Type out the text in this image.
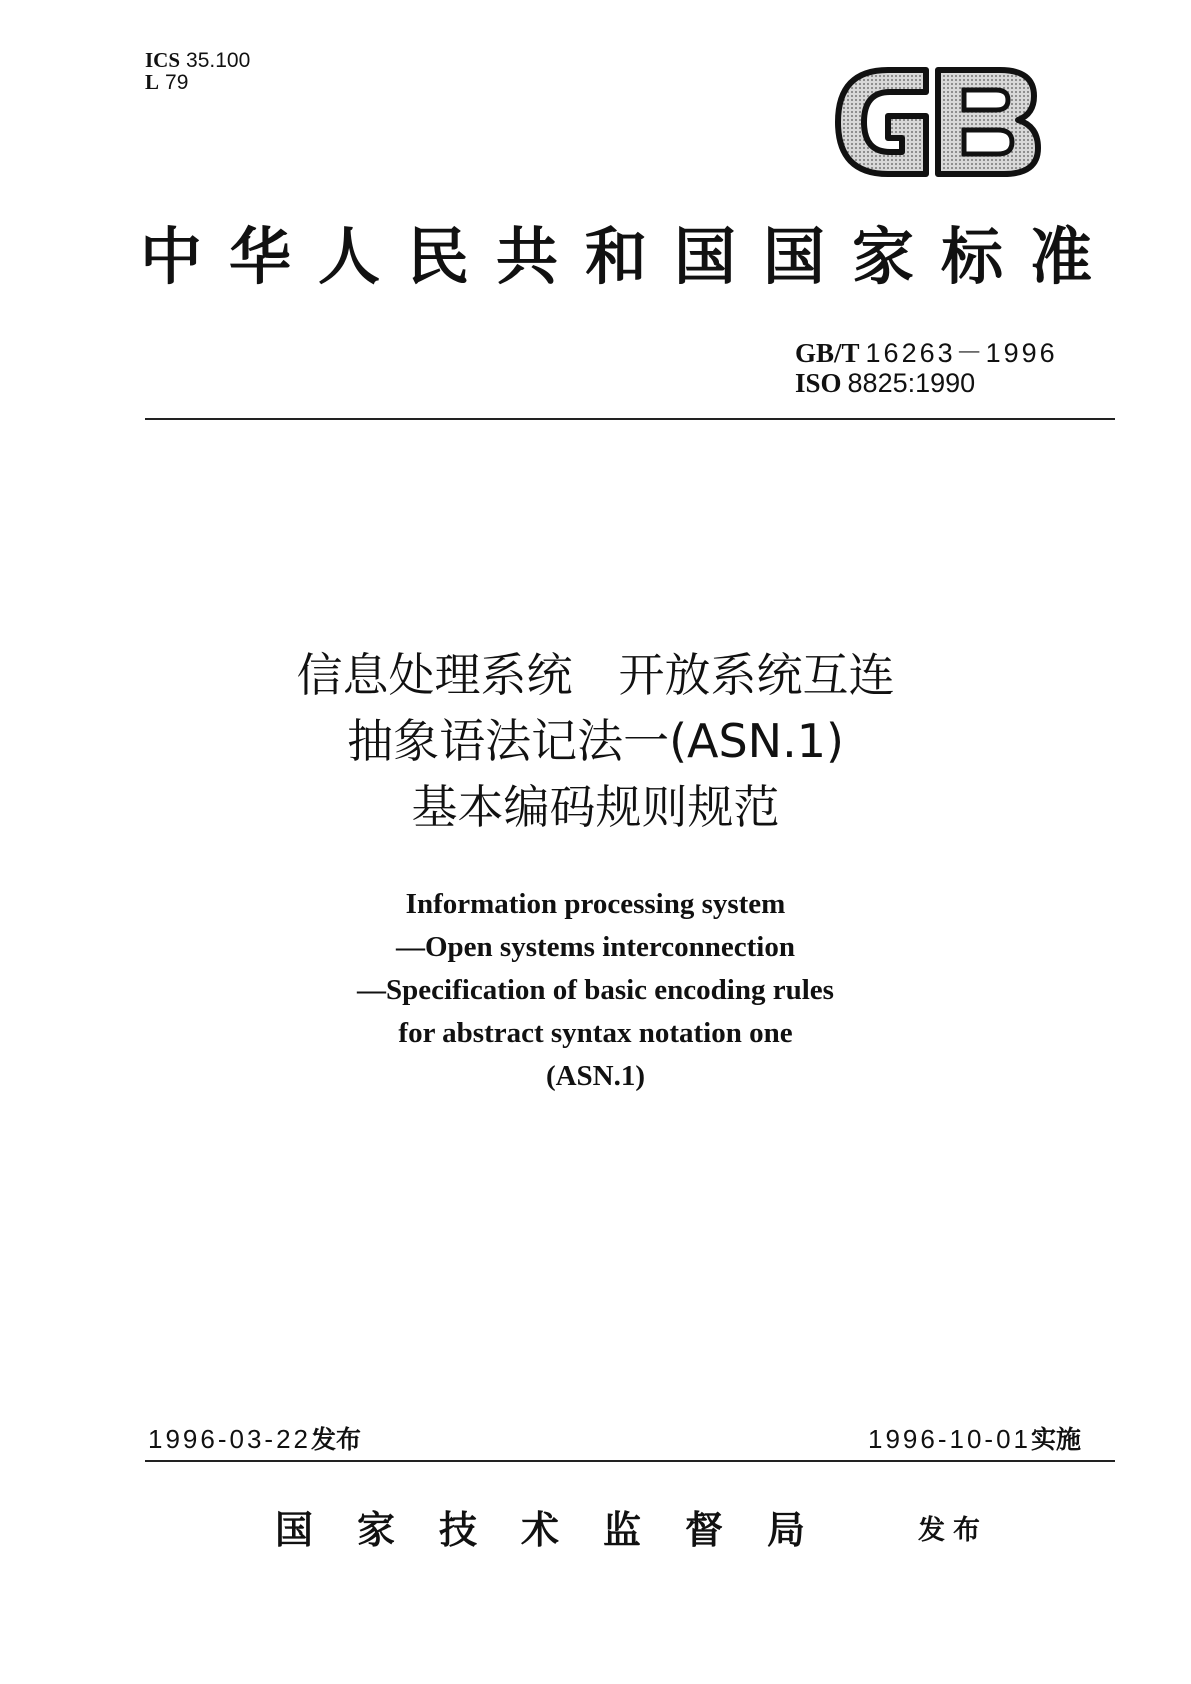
ICS 35.100
L 79
中华人民共和国国家标准
GB/T 16263－1996
ISO 8825:1990
信息处理系统　开放系统互连
抽象语法记法一(ASN.1)
基本编码规则规范
Information processing system
—Open systems interconnection
—Specification of basic encoding rules
for abstract syntax notation one
(ASN.1)
1996-03-22发布	1996-10-01实施
国家技术监督局	发布
